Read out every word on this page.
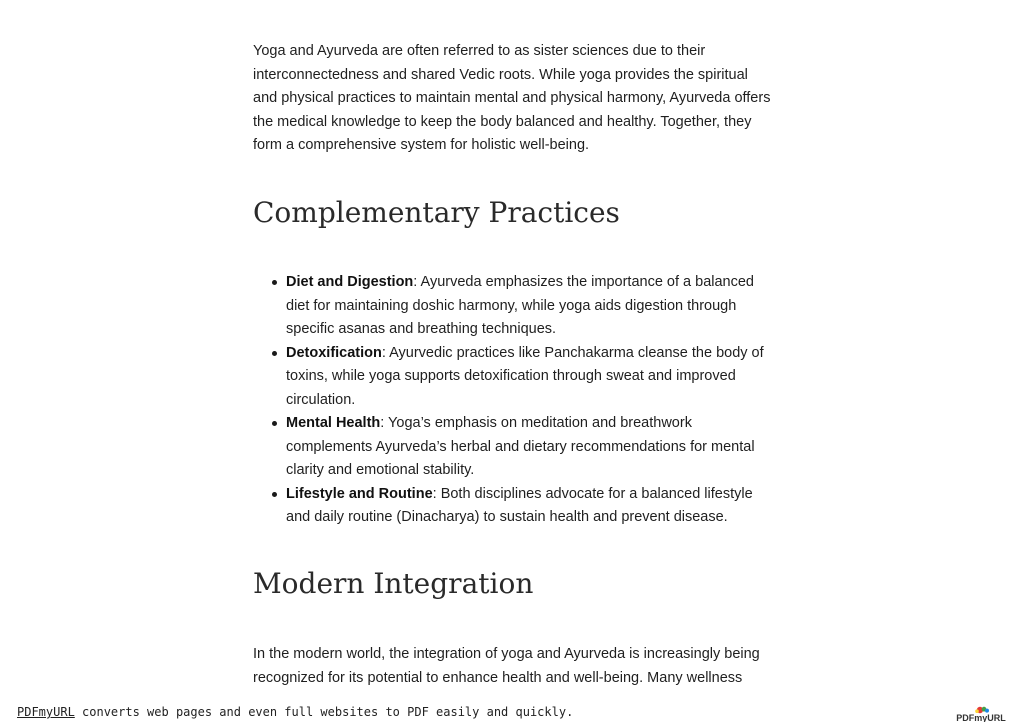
Yoga and Ayurveda are often referred to as sister sciences due to their interconnectedness and shared Vedic roots. While yoga provides the spiritual and physical practices to maintain mental and physical harmony, Ayurveda offers the medical knowledge to keep the body balanced and healthy. Together, they form a comprehensive system for holistic well-being.

Complementary Practices
Diet and Digestion: Ayurveda emphasizes the importance of a balanced diet for maintaining doshic harmony, while yoga aids digestion through specific asanas and breathing techniques.
Detoxification: Ayurvedic practices like Panchakarma cleanse the body of toxins, while yoga supports detoxification through sweat and improved circulation.
Mental Health: Yoga’s emphasis on meditation and breathwork complements Ayurveda’s herbal and dietary recommendations for mental clarity and emotional stability.
Lifestyle and Routine: Both disciplines advocate for a balanced lifestyle and daily routine (Dinacharya) to sustain health and prevent disease.
Modern Integration

In the modern world, the integration of yoga and Ayurveda is increasingly being recognized for its potential to enhance health and well-being. Many wellness

PDFmyURL converts web pages and even full websites to PDF easily and quickly.	PDFmyURL
